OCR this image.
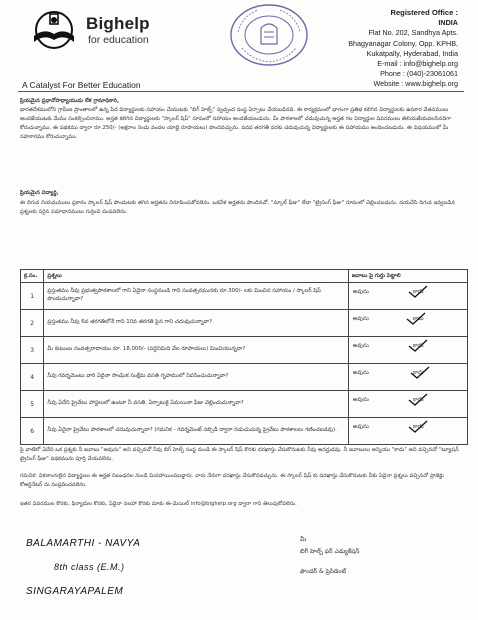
Bighelp
for education
A Catalyst For Better Education
Registered Office :
INDIA
Flat No. 202, Sandhya Apts.
Bhagyanagar Colony, Opp. KPHB,
Kukatpally, Hyderabad, India
E-mail : info@bighelp.org
Phone : (040)-23061061
Website : www.bighelp.org
ప్రియమైన ప్రధానోపాధ్యాయుడు లేక గ్రామాధికారి,
భారతదేశములోని గ్రామీణ ప్రాంతాలలో ఉన్న పేద విద్యార్థులకు సహాయం చేయుటకు "బిగ్ హెల్ప్" స్వచ్ఛంద సంస్థ ఏర్పాటు చేయబడినది. ఈ కార్యక్రమంలో భాగంగా ప్రతిభ కలిగిన విద్యార్థులకు ఉపకార వేతనములు అందజేయుటకు మేము సంకల్పించినాము. అర్హత కలిగిన విద్యార్థులకు "స్కాలర్ షిప్" రూపంలో సహాయం అందజేయబడును. మీ పాఠశాలలో చదువుచున్న అర్హత గల విద్యార్థుల వివరములు తెలియజేయవలసినదిగా కోరుచున్నాము. ఈ పథకము ద్వారా రూ.250/- (అక్షరాల రెండు వందల యాభై రూపాయలు) పొందవచ్చును. పదవ తరగతి వరకు చదువుచున్న విద్యార్థులకు ఈ సహాయము అందించబడును. ఈ విషయములో మీ సహకారము కోరుచున్నాము.
ప్రియమైన విద్యార్థి,
ఈ దిగువ నియమములు ప్రకారం స్కాలర్ షిప్ పొందుటకు తగిన అర్హతను నిరూపించుకోవలెను. ఒకవేళ అర్హతను పొందినచో, "స్కూల్ ఫీజు" లేదా "ట్రైనింగ్ ఫీజు" రూపంలో చెల్లించబడును. దయచేసి దిగువ ఇవ్వబడిన ప్రశ్నలకు సరైన సమాధానములు గుర్తించి పంపవలెను.
క్ర.సం.	ప్రశ్నలు	జవాబు పై గుర్తు పెట్టాలి
1	ప్రస్తుతము నీవు ప్రభుత్వపాఠశాలలో గాని ఏదైనా సంస్థనుండి గాని సంవత్సరమునకు రూ.300/- లకు మించిన సహాయం / స్కాలర్ షిప్ పొందుచున్నావా?	అవును కాదు

2	ప్రస్తుతము నీవు 6వ తరగతిలోనే గాని 10వ తరగతి పైన గాని చదువుచున్నావా?	అవును కాదు

3	మీ కుటుంబ సంవత్సరాదాయం రూ. 18,000/- (పద్దెనిమిది వేల రూపాయలు) మించియున్నదా?	అవును కాదు

4	నీవు గవర్నమెంటు వారి ఏదైనా సాంఘిక సంక్షేమ వసతి గృహములో నివసించుచున్నావా?	అవును కాదు

5	నీవు ఏదేని ప్రైవేటు హాస్టలులో ఉంటూ నీ వసతి, ఏర్పాటుకై ఏమయినా ఫీజు చెల్లించుచున్నావా?	అవును కాదు

6	నీవు ఏదైనా ప్రైవేటు పాఠశాలలో చదువుచున్నావా? (గమనిక - గవర్నమెంట్ సబ్సిడీ ద్వారా నడుచుచున్న ప్రైవేటు పాఠశాలలు గణించబడవు).	అవును కాదు
పై వాటిలో ఏదేని ఒక ప్రశ్నకు నీ జవాబు "అవును" అని వచ్చినచో నీవు బిగ్ హెల్ప్ సంస్థ నుండి ఈ స్కాలర్ షిప్ కొరకు దరఖాస్తు చేసుకొనుటకు నీవు అనర్హుడవు. నీ జవాబులు అన్నియు "కాదు" అని వచ్చినచో "ట్యూషన్ ట్రైనింగ్ ఫీజు" పథకమును పూర్తి చేయవలెను.
గమనిక: వికలాంగులైన విద్యార్థులు ఈ అర్హత నిబంధనల నుండి మినహాయింపబడ్డారు. వారు నేరుగా దరఖాస్తు చేసుకొనవచ్చును. ఈ స్కాలర్ షిప్ కు దరఖాస్తు చేసుకొనుటకు నీకు ఏదైనా ప్రశ్నలు వచ్చినచో ప్రాజెక్టు కోఆర్డినేటర్ ను సంప్రదించవలెను.
ఇతర వివరముల కొరకు, ఫిర్యాదుల కొరకు, ఏదైనా సలహా కొరకు మాకు ఈ-మెయిల్ info@bighelp.org ద్వారా గాని తెలుపుకోవలెను.
మీ
బిగ్ హెల్ప్ ఫర్ ఎడ్యుకేషన్
ఫౌండర్ & ప్రెసిడెంట్
BALAMARTHI - NAVYA
8th class (E.M.)
SINGARAYAPALEM
